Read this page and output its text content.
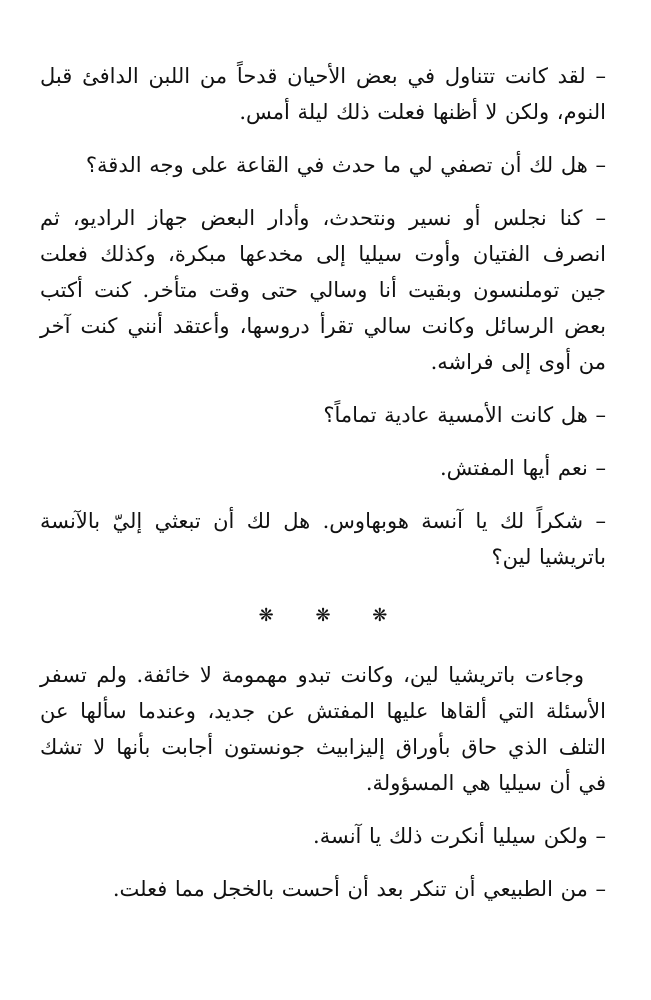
– لقد كانت تتناول في بعض الأحيان قدحاً من اللبن الدافئ قبل النوم، ولكن لا أظنها فعلت ذلك ليلة أمس.

– هل لك أن تصفي لي ما حدث في القاعة على وجه الدقة؟

– كنا نجلس أو نسير ونتحدث، وأدار البعض جهاز الراديو، ثم انصرف الفتيان وأوت سيليا إلى مخدعها مبكرة، وكذلك فعلت جين توملنسون وبقيت أنا وسالي حتى وقت متأخر. كنت أكتب بعض الرسائل وكانت سالي تقرأ دروسها، وأعتقد أنني كنت آخر من أوى إلى فراشه.

– هل كانت الأمسية عادية تماماً؟

– نعم أيها المفتش.

– شكراً لك يا آنسة هوبهاوس. هل لك أن تبعثي إليّ بالآنسة باتريشيا لين؟

❋ ❋ ❋

وجاءت باتريشيا لين، وكانت تبدو مهمومة لا خائفة. ولم تسفر الأسئلة التي ألقاها عليها المفتش عن جديد، وعندما سألها عن التلف الذي حاق بأوراق إليزابيث جونستون أجابت بأنها لا تشك في أن سيليا هي المسؤولة.

– ولكن سيليا أنكرت ذلك يا آنسة.

– من الطبيعي أن تنكر بعد أن أحست بالخجل مما فعلت.
